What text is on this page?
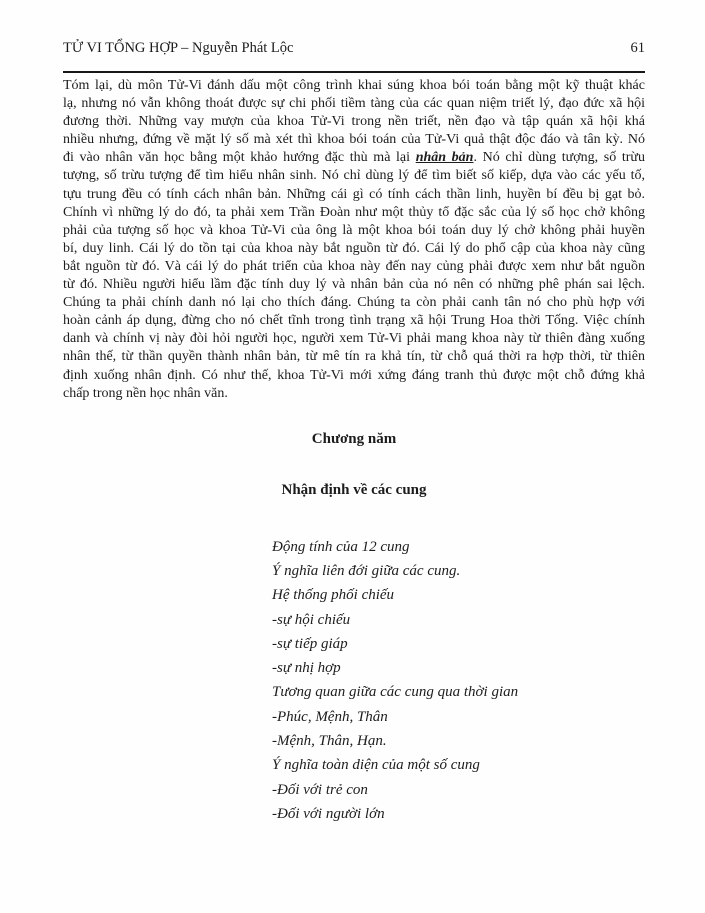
TỬ VI TỔNG HỢP – Nguyễn Phát Lộc	61
Tóm lại, dù môn Tử-Vi đánh dấu một công trình khai súng khoa bói toán bằng một kỹ thuật khác
lạ, nhưng nó vẫn không thoát được sự chi phối tiềm tàng của các quan niệm triết lý, đạo đức xã hội
đương thời. Những vay mượn của khoa Tử-Vi trong nền triết, nền đạo và tập quán xã hội khá
nhiều nhưng, đứng về mặt lý số mà xét thì khoa bói toán của Tử-Vi quả thật độc đáo và tân kỳ. Nó
đi vào nhân văn học bằng một khảo hướng đặc thù mà lại nhân bản. Nó chỉ dùng tượng, số trừu
tượng, số trừu tượng để tìm hiểu nhân sinh. Nó chỉ dùng lý để tìm biết số kiếp, dựa vào các yếu tố,
tựu trung đều có tính cách nhân bản. Những cái gì có tính cách thần linh, huyền bí đều bị gạt bỏ.
Chính vì những lý do đó, ta phải xem Trần Đoàn như một thủy tổ đặc sắc của lý số học chở không
phải của tượng số học và khoa Tử-Vi của ông là một khoa bói toán duy lý chở không phải huyền
bí, duy linh. Cái lý do tồn tại của khoa này bắt nguồn từ đó. Cái lý do phổ cập của khoa này cũng
bắt nguồn từ đó. Và cái lý do phát triển của khoa này đến nay củng phải được xem như bắt nguồn
từ đó. Nhiều người hiểu lầm đặc tính duy lý và nhân bản của nó nên có những phê phán sai lệch.
Chúng ta phải chính danh nó lại cho thích đáng. Chúng ta còn phải canh tân nó cho phù hợp với
hoàn cảnh áp dụng, đừng cho nó chết tĩnh trong tình trạng xã hội Trung Hoa thời Tống. Việc chính
danh và chính vị này đòi hỏi người học, người xem Tử-Vi phải mang khoa này từ thiên đàng xuống
nhân thế, từ thần quyền thành nhân bản, từ mê tín ra khả tín, từ chỗ quá thời ra hợp thời, từ thiên
định xuống nhân định. Có như thế, khoa Tử-Vi mới xứng đáng tranh thủ được một chỗ đứng khả
chấp trong nền học nhân văn.
Chương năm
Nhận định về các cung
Động tính của 12 cung
Ý nghĩa liên đới giữa các cung.
Hệ thống phối chiếu
-sự hội chiếu
-sự tiếp giáp
-sự nhị hợp
Tương quan giữa các cung qua thời gian
-Phúc, Mệnh, Thân
-Mệnh, Thân, Hạn.
Ý nghĩa toàn diện của một số cung
-Đối với trẻ con
-Đối với người lớn
